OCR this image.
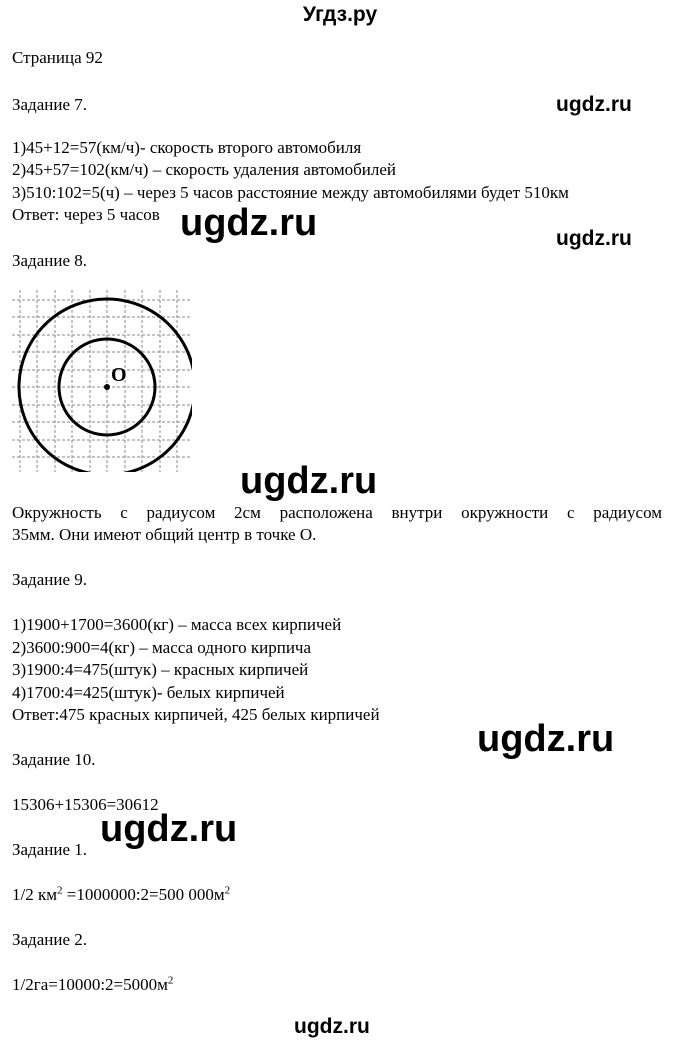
Угдз.ру
Страница 92
Задание 7.
1)45+12=57(км/ч)- скорость второго автомобиля
2)45+57=102(км/ч) – скорость удаления автомобилей
3)510:102=5(ч) – через 5 часов расстояние между автомобилями будет 510км
Ответ: через 5 часов
Задание 8.
O
Окружность с радиусом 2см расположена внутри окружности с радиусом
35мм. Они имеют общий центр в точке О.
Задание 9.
1)1900+1700=3600(кг) – масса всех кирпичей
2)3600:900=4(кг) – масса одного кирпича
3)1900:4=475(штук) – красных кирпичей
4)1700:4=425(штук)- белых кирпичей
Ответ:475 красных кирпичей, 425 белых кирпичей
Задание 10.
15306+15306=30612
Задание 1.
1/2 $км^2$ =1000000:2=500 $000м^2$
Задание 2.
$1/2га=10000:2=5000м^2$
ugdz.ru
ugdz.ru	ugdz.ru
ugdz.ru
ugdz.ru
ugdz.ru
ugdz.ru
